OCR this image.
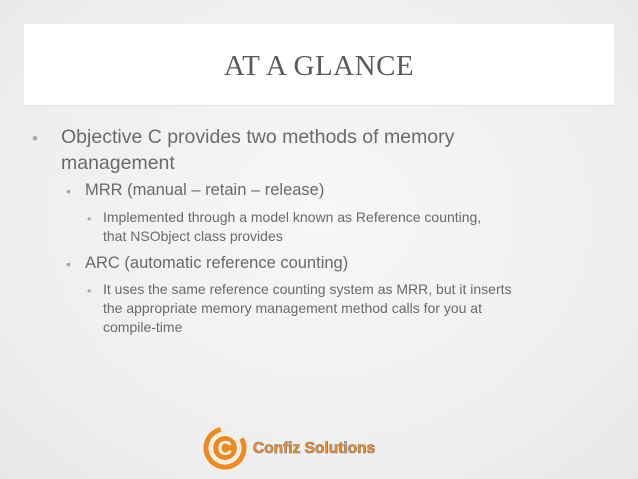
AT A GLANCE
• Objective C provides two methods of memory
management
• MRR (manual – retain – release)
• Implemented through a model known as Reference counting,
that NSObject class provides
• ARC (automatic reference counting)
• It uses the same reference counting system as MRR, but it inserts
the appropriate memory management method calls for you at
compile-time
C Confiz Solutions
